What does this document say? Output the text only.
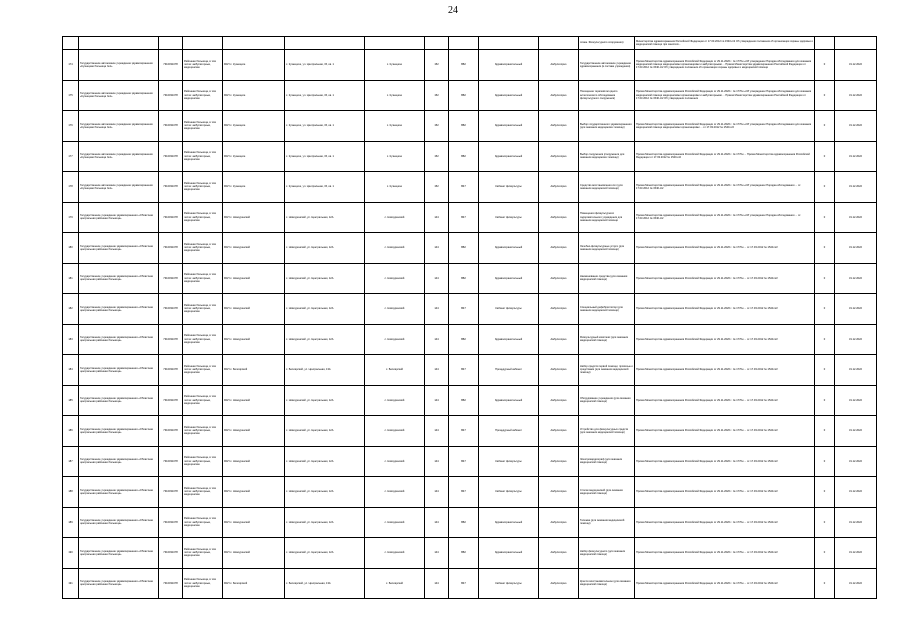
24
											отмен. Физкультурного сооружения)	Министерства здравоохранения Российской Федерации от 17.03.2012 № 1540-п/2 Об утверждении положения об организации охраны здоровья и медицинской помощи при занятиях...		
174	Государственное автономное учреждение здравоохранения «Кузнецкая больница №1»	7310031078	Районная больница, в том числе: амбулаторные, медицинские	ФАП с. Кузнецкое	с. Кузнецкое, ул. Центральная, 15, кв. 1	с. Кузнецкое	152	В82	Здравоохранительный	Амбулаторно	Государственное автономное учреждение здравоохранения (в составе учреждения)	Приказ Министерства здравоохранения Российской Федерации от 29.11.2020 г. № 1770н «Об утверждении Порядка обследования для оказания медицинской помощи медицинскими организациями и амбулаторными ... Приказ Министерства здравоохранения Российской Федерации от 17.03.2012 № 1540-п/2 Об утверждении положения об организации охраны здоровья и медицинской помощи	0	31.12.2022
175	Государственное автономное учреждение здравоохранения «Кузнецкая больница №1»	7310031078	Районная больница, в том числе: амбулаторные, медицинские	ФАП с. Кузнецкое	с. Кузнецкое, ул. Центральная, 15, кв. 1	с. Кузнецкое	152	В82	Здравоохранительный	Амбулаторно	Посещение терапевтом одного аллегического обследования физкультурного сооружения)	Приказ Министерства здравоохранения Российской Федерации от 29.11.2020 г. № 1770н «Об утверждении Порядка обследования для оказания медицинской помощи медицинскими организациями и амбулаторными ... Приказ Министерства здравоохранения Российской Федерации от 17.03.2012 № 1540-п/2 Об утверждении положения	0	31.12.2022
176	Государственное автономное учреждение здравоохранения «Кузнецкая больница №1»	7310031078	Районная больница, в том числе: амбулаторные, медицинские	ФАП с. Кузнецкое	с. Кузнецкое, ул. Центральная, 15, кв. 1	с. Кузнецкое	152	В82	Здравоохранительный	Амбулаторно	Выбор государственного здравоохранения (для оказания медицинских помощи)	Приказ Министерства здравоохранения Российской Федерации от 29.11.2020 г. № 1770н «Об утверждении Порядка обследования для оказания медицинской помощи медицинскими организациями ... от 17.03.2012 № 1540-п/2	0	31.12.2022
177	Государственное автономное учреждение здравоохранения «Кузнецкая больница №1»	7310031078	Районная больница, в том числе: амбулаторные, медицинские	ФАП с. Кузнецкое	с. Кузнецкое, ул. Центральная, 15, кв. 1	с. Кузнецкое	152	В82	Здравоохранительный	Амбулаторно	Выбор сооружения (сооружения для оказания медицинских помощи)	Приказ Министерства здравоохранения Российской Федерации от 29.11.2020 г. № 1770н ... Приказ Министерства здравоохранения Российской Федерации от 17.03.2012 № 1540-п/2	0	31.12.2022
178	Государственное автономное учреждение здравоохранения «Кузнецкая больница №1»	7310031078	Районная больница, в том числе: амбулаторные, медицинские	ФАП с. Кузнецкое	с. Кузнецкое, ул. Центральная, 15, кв. 1	с. Кузнецкое	152	В47	Кабинет физкультуры	Амбулаторно	Средство восстановления сил (для оказания медицинской помощи)	Приказ Министерства здравоохранения Российской Федерации от 29.11.2020 г. № 1770н «Об утверждении Порядка обследования ... от 17.03.2012 № 1540-п/2	0	31.12.2022
179	Государственное учреждение здравоохранения «Областная центральная районная больница»	7310031078	Районная больница, в том числе: амбулаторные, медицинские	ФАП с. Новоуренский	с. Новоуренский, ул. Центральная, 12А	с. Новоуренский	144	В47	Кабинет физкультуры	Амбулаторно	Помещения физкультурного оздоровительного учреждения для оказания медицинской помощи	Приказ Министерства здравоохранения Российской Федерации от 29.11.2020 г. № 1770н «Об утверждении Порядка обследования ... от 17.03.2012 № 1540-п/2	0	31.12.2022
180	Государственное учреждение здравоохранения «Областная центральная районная больница»	7310031078	Районная больница, в том числе: амбулаторные, медицинские	ФАП с. Новоуренский	с. Новоуренский, ул. Центральная, 12А	с. Новоуренский	144	В82	Здравоохранительный	Амбулаторно	Лечебно-физкультурные услуги (для оказания медицинской помощи)	Приказ Министерства здравоохранения Российской Федерации от 29.11.2020 г. № 1770н ... от 17.03.2012 № 1540-п/2	0	31.12.2022
181	Государственное учреждение здравоохранения «Областная центральная районная больница»	7310031078	Районная больница, в том числе: амбулаторные, медицинские	ФАП с. Новоуренский	с. Новоуренский, ул. Центральная, 12А	с. Новоуренский	144	В82	Здравоохранительный	Амбулаторно	Наименование средства (для оказания медицинской помощи)	Приказ Министерства здравоохранения Российской Федерации от 29.11.2020 г. № 1770н ... от 17.03.2012 № 1540-п/2	0	31.12.2022
182	Государственное учреждение здравоохранения «Областная центральная районная больница»	7310031078	Районная больница, в том числе: амбулаторные, медицинские	ФАП с. Новоуренский	с. Новоуренский, ул. Центральная, 12А	с. Новоуренский	144	В47	Кабинет физкультуры	Амбулаторно	Специальный дефибриллятор (для оказания медицинской помощи)	Приказ Министерства здравоохранения Российской Федерации от 29.11.2020 г. № 1770н ... от 17.03.2012 № 1540-п/2	0	31.12.2022
183	Государственное учреждение здравоохранения «Областная центральная районная больница»	7310031078	Районная больница, в том числе: амбулаторные, медицинские	ФАП с. Новоуренский	с. Новоуренский, ул. Центральная, 12А	с. Новоуренский	144	В82	Здравоохранительный	Амбулаторно	Физкультурный комплекс (для оказания медицинской помощи)	Приказ Министерства здравоохранения Российской Федерации от 29.11.2020 г. № 1770н ... от 17.03.2012 № 1540-п/2	0	31.12.2022
184	Государственное учреждение здравоохранения «Областная центральная районная больница»	7310031078	Районная больница, в том числе: амбулаторные, медицинские	ФАП с. Белоярский	с. Белоярский, ул. Центральная, 13А	с. Белоярский	144	В47	Процедурный кабинет	Амбулаторно	Набор средств первой помощи, прописью и средствами (для оказания медицинской помощи)	Приказ Министерства здравоохранения Российской Федерации от 29.11.2020 г. № 1770н ... от 17.03.2012 № 1540-п/2	0	31.12.2022
185	Государственное учреждение здравоохранения «Областная центральная районная больница»	7310031078	Районная больница, в том числе: амбулаторные, медицинские	ФАП с. Новоуренский	с. Новоуренский, ул. Центральная, 12А	с. Новоуренский	144	В82	Здравоохранительный	Амбулаторно	Оборудование учреждения (для оказания медицинской помощи)	Приказ Министерства здравоохранения Российской Федерации от 29.11.2020 г. № 1770н ... от 17.03.2012 № 1540-п/2	0	31.12.2022
186	Государственное учреждение здравоохранения «Областная центральная районная больница»	7310031078	Районная больница, в том числе: амбулаторные, медицинские	ФАП с. Новоуренский	с. Новоуренский, ул. Центральная, 12А	с. Новоуренский	144	В47	Процедурный кабинет	Амбулаторно	Устройство для физкультурных средств (для оказания медицинской помощи)	Приказ Министерства здравоохранения Российской Федерации от 29.11.2020 г. № 1770н ... от 17.03.2012 № 1540-п/2	0	31.12.2022
187	Государственное учреждение здравоохранения «Областная центральная районная больница»	7310031078	Районная больница, в том числе: амбулаторные, медицинские	ФАП с. Новоуренский	с. Новоуренский, ул. Центральная, 12А	с. Новоуренский	144	В47	Кабинет физкультуры	Амбулаторно	Электрокардиограф (для оказания медицинской помощи)	Приказ Министерства здравоохранения Российской Федерации от 29.11.2020 г. № 1770н ... от 17.03.2012 № 1540-п/2	0	31.12.2022
188	Государственное учреждение здравоохранения «Областная центральная районная больница»	7310031078	Районная больница, в том числе: амбулаторные, медицинские	ФАП с. Новоуренский	с. Новоуренский, ул. Центральная, 12А	с. Новоуренский	144	В47	Кабинет физкультуры	Амбулаторно	Столик медицинский (для оказания медицинской помощи)	Приказ Министерства здравоохранения Российской Федерации от 29.11.2020 г. № 1770н ... от 17.03.2012 № 1540-п/2	0	31.12.2022
189	Государственное учреждение здравоохранения «Областная центральная районная больница»	7310031078	Районная больница, в том числе: амбулаторные, медицинские	ФАП с. Новоуренский	с. Новоуренский, ул. Центральная, 12А	с. Новоуренский	144	В82	Здравоохранительный	Амбулаторно	Тележка (для оказания медицинской помощи)	Приказ Министерства здравоохранения Российской Федерации от 29.11.2020 г. № 1770н ... от 17.03.2012 № 1540-п/2	0	31.12.2022
190	Государственное учреждение здравоохранения «Областная центральная районная больница»	7310031078	Районная больница, в том числе: амбулаторные, медицинские	ФАП с. Новоуренский	с. Новоуренский, ул. Центральная, 12А	с. Новоуренский	144	В82	Здравоохранительный	Амбулаторно	Набор физкультурного (для оказания медицинской помощи)	Приказ Министерства здравоохранения Российской Федерации от 29.11.2020 г. № 1770н ... от 17.03.2012 № 1540-п/2	0	31.12.2022
191	Государственное учреждение здравоохранения «Областная центральная районная больница»	7310031078	Районная больница, в том числе: амбулаторные, медицинские	ФАП с. Белоярский	с. Белоярский, ул. Центральная, 13А	с. Белоярский	144	В47	Кабинет физкультуры	Амбулаторно	Кресло восстановительное (для оказания медицинской помощи)	Приказ Министерства здравоохранения Российской Федерации от 29.11.2020 г. № 1770н ... от 17.03.2012 № 1540-п/2	0	31.12.2022
